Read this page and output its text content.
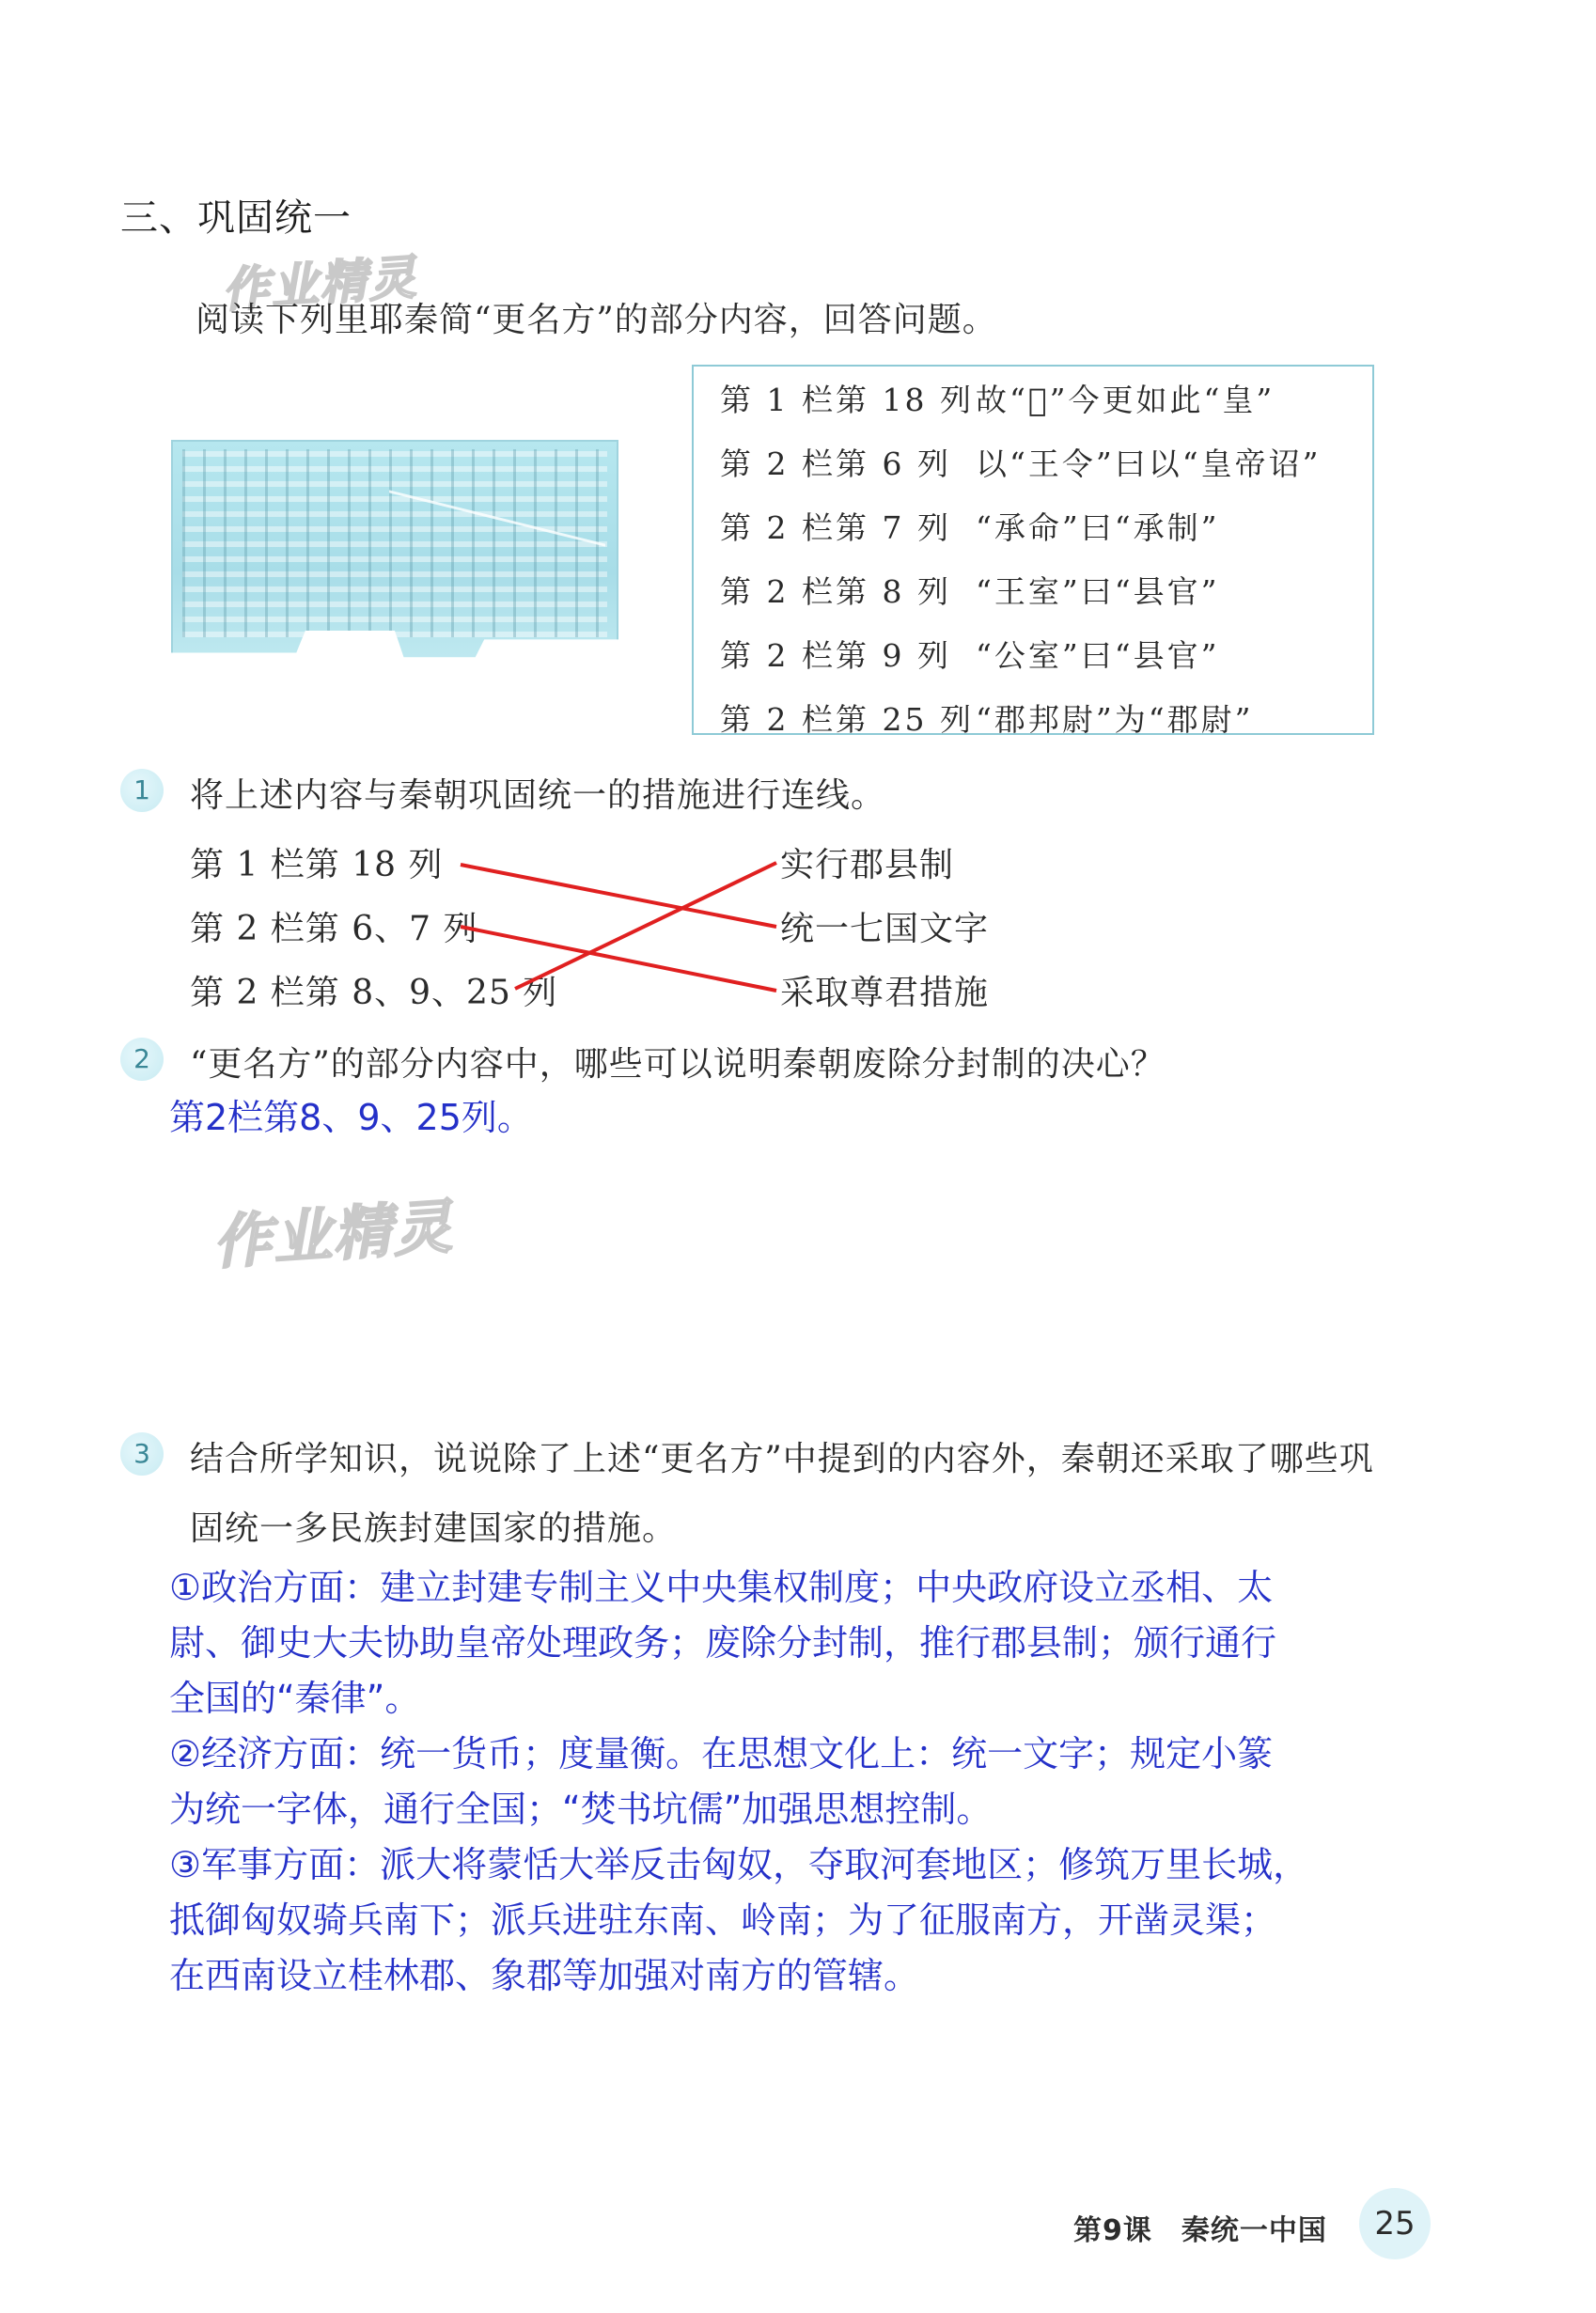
三、巩固统一
作业精灵
阅读下列里耶秦简“更名方”的部分内容，回答问题。
第 1 栏第 18 列故“𤽨”今更如此“皇”
第 2 栏第 6 列 以“王令”曰以“皇帝诏”
第 2 栏第 7 列 “承命”曰“承制”
第 2 栏第 8 列 “王室”曰“县官”
第 2 栏第 9 列 “公室”曰“县官”
第 2 栏第 25 列“郡邦尉”为“郡尉”
1	将上述内容与秦朝巩固统一的措施进行连线。
第 1 栏第 18 列
第 2 栏第 6、7 列
第 2 栏第 8、9、25 列
实行郡县制
统一七国文字
采取尊君措施
2	“更名方”的部分内容中，哪些可以说明秦朝废除分封制的决心？
第2栏第8、9、25列。
作业精灵
3	结合所学知识，说说除了上述“更名方”中提到的内容外，秦朝还采取了哪些巩
固统一多民族封建国家的措施。
①政治方面：建立封建专制主义中央集权制度；中央政府设立丞相、太
尉、御史大夫协助皇帝处理政务；废除分封制，推行郡县制；颁行通行
全国的“秦律”。
②经济方面：统一货币；度量衡。在思想文化上：统一文字；规定小篆
为统一字体，通行全国；“焚书坑儒”加强思想控制。
③军事方面：派大将蒙恬大举反击匈奴，夺取河套地区；修筑万里长城，
抵御匈奴骑兵南下；派兵进驻东南、岭南；为了征服南方，开凿灵渠；
在西南设立桂林郡、象郡等加强对南方的管辖。
第9课　秦统一中国	25
